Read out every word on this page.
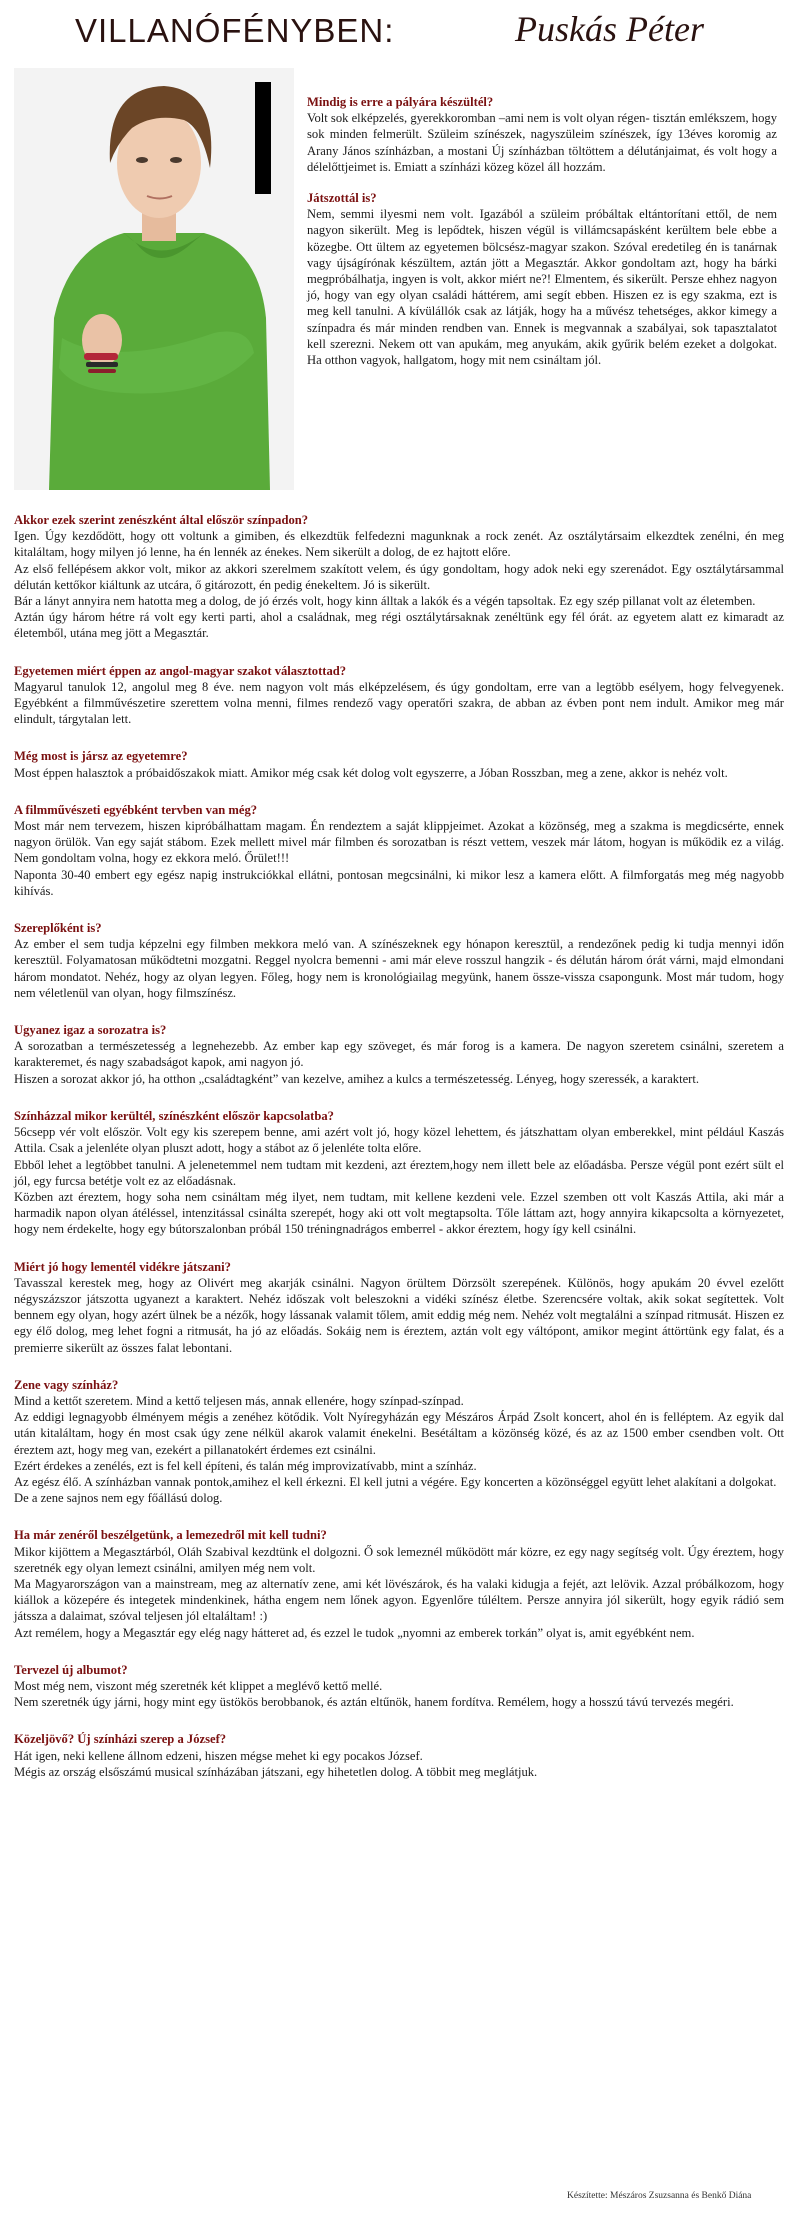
VILLANÓFÉNYBEN:	Puskás Péter

Mindig is erre a pályára készültél?

Volt sok elképzelés, gyerekkoromban –ami nem is volt olyan régen- tisztán emlékszem, hogy sok minden felmerült. Szüleim színészek, nagyszüleim színészek, így 13éves koromig az Arany János színházban, a mostani Új színházban töltöttem a délutánjaimat, és volt hogy a délelőttjeimet is. Emiatt a színházi közeg közel áll hozzám.

Játszottál is?

Nem, semmi ilyesmi nem volt. Igazából a szüleim próbáltak eltántorítani ettől, de nem nagyon sikerült. Meg is lepődtek, hiszen végül is villámcsapásként kerültem bele ebbe a közegbe. Ott ültem az egyetemen bölcsész-magyar szakon. Szóval eredetileg én is tanárnak vagy újságírónak készültem, aztán jött a Megasztár. Akkor gondoltam azt, hogy ha bárki megpróbálhatja, ingyen is volt, akkor miért ne?! Elmentem, és sikerült. Persze ehhez nagyon jó, hogy van egy olyan családi háttérem, ami segít ebben. Hiszen ez is egy szakma, ezt is meg kell tanulni. A kívülállók csak az látják, hogy ha a művész tehetséges, akkor kimegy a színpadra és már minden rendben van. Ennek is megvannak a szabályai, sok tapasztalatot kell szerezni. Nekem ott van apukám, meg anyukám, akik gyűrik belém ezeket a dolgokat. Ha otthon vagyok, hallgatom, hogy mit nem csináltam jól.

Akkor ezek szerint zenészként által először színpadon?

Igen. Úgy kezdődött, hogy ott voltunk a gimiben, és elkezdtük felfedezni magunknak a rock zenét. Az osztálytársaim elkezdtek zenélni, én meg kitaláltam, hogy milyen jó lenne, ha én lennék az énekes. Nem sikerült a dolog, de ez hajtott előre.

Az első fellépésem akkor volt, mikor az akkori szerelmem szakított velem, és úgy gondoltam, hogy adok neki egy szerenádot. Egy osztálytársammal délután kettőkor kiáltunk az utcára, ő gitározott, én pedig énekeltem. Jó is sikerült.

Bár a lányt annyira nem hatotta meg a dolog, de jó érzés volt, hogy kinn álltak a lakók és a végén tapsoltak. Ez egy szép pillanat volt az életemben.

Aztán úgy három hétre rá volt egy kerti parti, ahol a családnak, meg régi osztálytársaknak zenéltünk egy fél órát. az egyetem alatt ez kimaradt az életemből, utána meg jött a Megasztár.

Egyetemen miért éppen az angol-magyar szakot választottad?

Magyarul tanulok 12, angolul meg 8 éve. nem nagyon volt más elképzelésem, és úgy gondoltam, erre van a legtöbb esélyem, hogy felvegyenek. Egyébként a filmművészetire szerettem volna menni, filmes rendező vagy operatőri szakra, de abban az évben pont nem indult. Amikor meg már elindult, tárgytalan lett.

Még most is jársz az egyetemre?

Most éppen halasztok a próbaidőszakok miatt. Amikor még csak két dolog volt egyszerre, a Jóban Rosszban, meg a zene, akkor is nehéz volt.

A filmművészeti egyébként tervben van még?

Most már nem tervezem, hiszen kipróbálhattam magam. Én rendeztem a saját klippjeimet. Azokat a közönség, meg a szakma is megdicsérte, ennek nagyon örülök. Van egy saját stábom. Ezek mellett mivel már filmben és sorozatban is részt vettem, veszek már látom, hogyan is működik ez a világ. Nem gondoltam volna, hogy ez ekkora meló. Őrület!!!

Naponta 30-40 embert egy egész napig instrukciókkal ellátni, pontosan megcsinálni, ki mikor lesz a kamera előtt. A filmforgatás meg még nagyobb kihívás.

Szereplőként is?

Az ember el sem tudja képzelni egy filmben mekkora meló van. A színészeknek egy hónapon keresztül, a rendezőnek pedig ki tudja mennyi időn keresztül. Folyamatosan működtetni mozgatni. Reggel nyolcra bemenni - ami már eleve rosszul hangzik - és délután három órát várni, majd elmondani három mondatot. Nehéz, hogy az olyan legyen. Főleg, hogy nem is kronológiailag megyünk, hanem össze-vissza csapongunk. Most már tudom, hogy nem véletlenül van olyan, hogy filmszínész.

Ugyanez igaz a sorozatra is?

A sorozatban a természetesség a legnehezebb. Az ember kap egy szöveget, és már forog is a kamera. De nagyon szeretem csinálni, szeretem a karakteremet, és nagy szabadságot kapok, ami nagyon jó.

Hiszen a sorozat akkor jó, ha otthon „családtagként” van kezelve, amihez a kulcs a természetesség. Lényeg, hogy szeressék, a karaktert.

Színházzal mikor kerültél, színészként először kapcsolatba?

56csepp vér volt először. Volt egy kis szerepem benne, ami azért volt jó, hogy közel lehettem, és játszhattam olyan emberekkel, mint például Kaszás Attila. Csak a jelenléte olyan pluszt adott, hogy a stábot az ő jelenléte tolta előre.

Ebből lehet a legtöbbet tanulni. A jelenetemmel nem tudtam mit kezdeni, azt éreztem,hogy nem illett bele az előadásba. Persze végül pont ezért sült el jól, egy furcsa betétje volt ez az előadásnak.

Közben azt éreztem, hogy soha nem csináltam még ilyet, nem tudtam, mit kellene kezdeni vele. Ezzel szemben ott volt Kaszás Attila, aki már a harmadik napon olyan átéléssel, intenzitással csinálta szerepét, hogy aki ott volt megtapsolta. Tőle láttam azt, hogy annyira kikapcsolta a környezetet, hogy nem érdekelte, hogy egy bútorszalonban próbál 150 tréningnadrágos emberrel - akkor éreztem, hogy így kell csinálni.

Miért jó hogy lementél vidékre játszani?

Tavasszal kerestek meg, hogy az Olivért meg akarják csinálni. Nagyon örültem Dörzsölt szerepének. Különös, hogy apukám 20 évvel ezelőtt négyszázszor játszotta ugyanezt a karaktert. Nehéz időszak volt beleszokni a vidéki színész életbe. Szerencsére voltak, akik sokat segítettek. Volt bennem egy olyan, hogy azért ülnek be a nézők, hogy lássanak valamit tőlem, amit eddig még nem. Nehéz volt megtalálni a színpad ritmusát. Hiszen ez egy élő dolog, meg lehet fogni a ritmusát, ha jó az előadás. Sokáig nem is éreztem, aztán volt egy váltópont, amikor megint áttörtünk egy falat, és a premierre sikerült az összes falat lebontani.

Zene vagy színház?

Mind a kettőt szeretem. Mind a kettő teljesen más, annak ellenére, hogy színpad-színpad.

Az eddigi legnagyobb élményem mégis a zenéhez kötődik. Volt Nyíregyházán egy Mészáros Árpád Zsolt koncert, ahol én is felléptem. Az egyik dal után kitaláltam, hogy én most csak úgy zene nélkül akarok valamit énekelni. Besétáltam a közönség közé, és az az 1500 ember csendben volt. Ott éreztem azt, hogy meg van, ezekért a pillanatokért érdemes ezt csinálni.

Ezért érdekes a zenélés, ezt is fel kell építeni, és talán még improvizatívabb, mint a színház.

Az egész élő. A színházban vannak pontok,amihez el kell érkezni. El kell jutni a végére. Egy koncerten a közönséggel együtt lehet alakítani a dolgokat.

De a zene sajnos nem egy főállású dolog.

Ha már zenéről beszélgetünk, a lemezedről mit kell tudni?

Mikor kijöttem a Megasztárból, Oláh Szabival kezdtünk el dolgozni. Ő sok lemeznél működött már közre, ez egy nagy segítség volt. Úgy éreztem, hogy szeretnék egy olyan lemezt csinálni, amilyen még nem volt.

Ma Magyarországon van a mainstream, meg az alternatív zene, ami két lövészárok, és ha valaki kidugja a fejét, azt lelövik. Azzal próbálkozom, hogy kiállok a közepére és integetek mindenkinek, hátha engem nem lőnek agyon. Egyenlőre túléltem. Persze annyira jól sikerült, hogy egyik rádió sem játssza a dalaimat, szóval teljesen jól eltaláltam! :)

Azt remélem, hogy a Megasztár egy elég nagy hátteret ad, és ezzel le tudok „nyomni az emberek torkán” olyat is, amit egyébként nem.

Tervezel új albumot?

Most még nem, viszont még szeretnék két klippet a meglévő kettő mellé.

Nem szeretnék úgy járni, hogy mint egy üstökös berobbanok, és aztán eltűnök, hanem fordítva. Remélem, hogy a hosszú távú tervezés megéri.

Közeljövő? Új színházi szerep a József?

Hát igen, neki kellene állnom edzeni, hiszen mégse mehet ki egy pocakos József.

Mégis az ország elsőszámú musical színházában játszani, egy hihetetlen dolog. A többit meg meglátjuk.

Készítette: Mészáros Zsuzsanna és Benkő Diána
